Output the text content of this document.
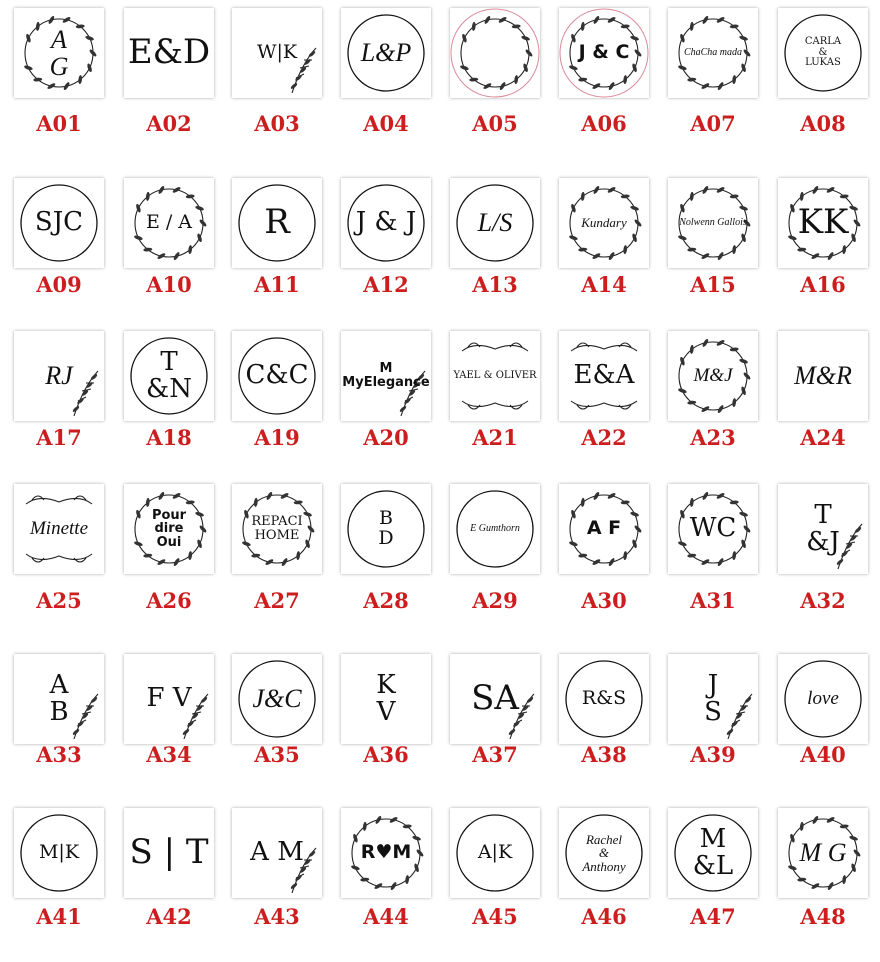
A
G
A01
E&D
A02
W|K
A03
L&P
A04	A05
J & C
A06
ChaCha mada
A07
CARLA
&
LUKAS
A08
SJC
A09
E / A
A10
R
A11
J & J
A12
L/S
A13
Kundary
A14
Nolwenn Gallois
A15
KK
A16
RJ
A17
T
&N
A18
C&C
A19
M
MyElegance
A20
YAEL & OLIVER
A21
E&A
A22
M&J
A23
M&R
A24
Minette
A25
Pour
dire
Oui
A26
REPACI
HOME
A27
B
D
A28
E Gumthorn
A29
A F
A30
WC
A31
T
&J
A32
A
B
A33
F V
A34
J&C
A35
K
V
A36
SA
A37
R&S
A38
J
S
A39
love
A40
M|K
A41
S | T
A42
A M
A43
R♥M
A44
A|K
A45
Rachel
&
Anthony
A46
M
&L
A47
M G
A48
